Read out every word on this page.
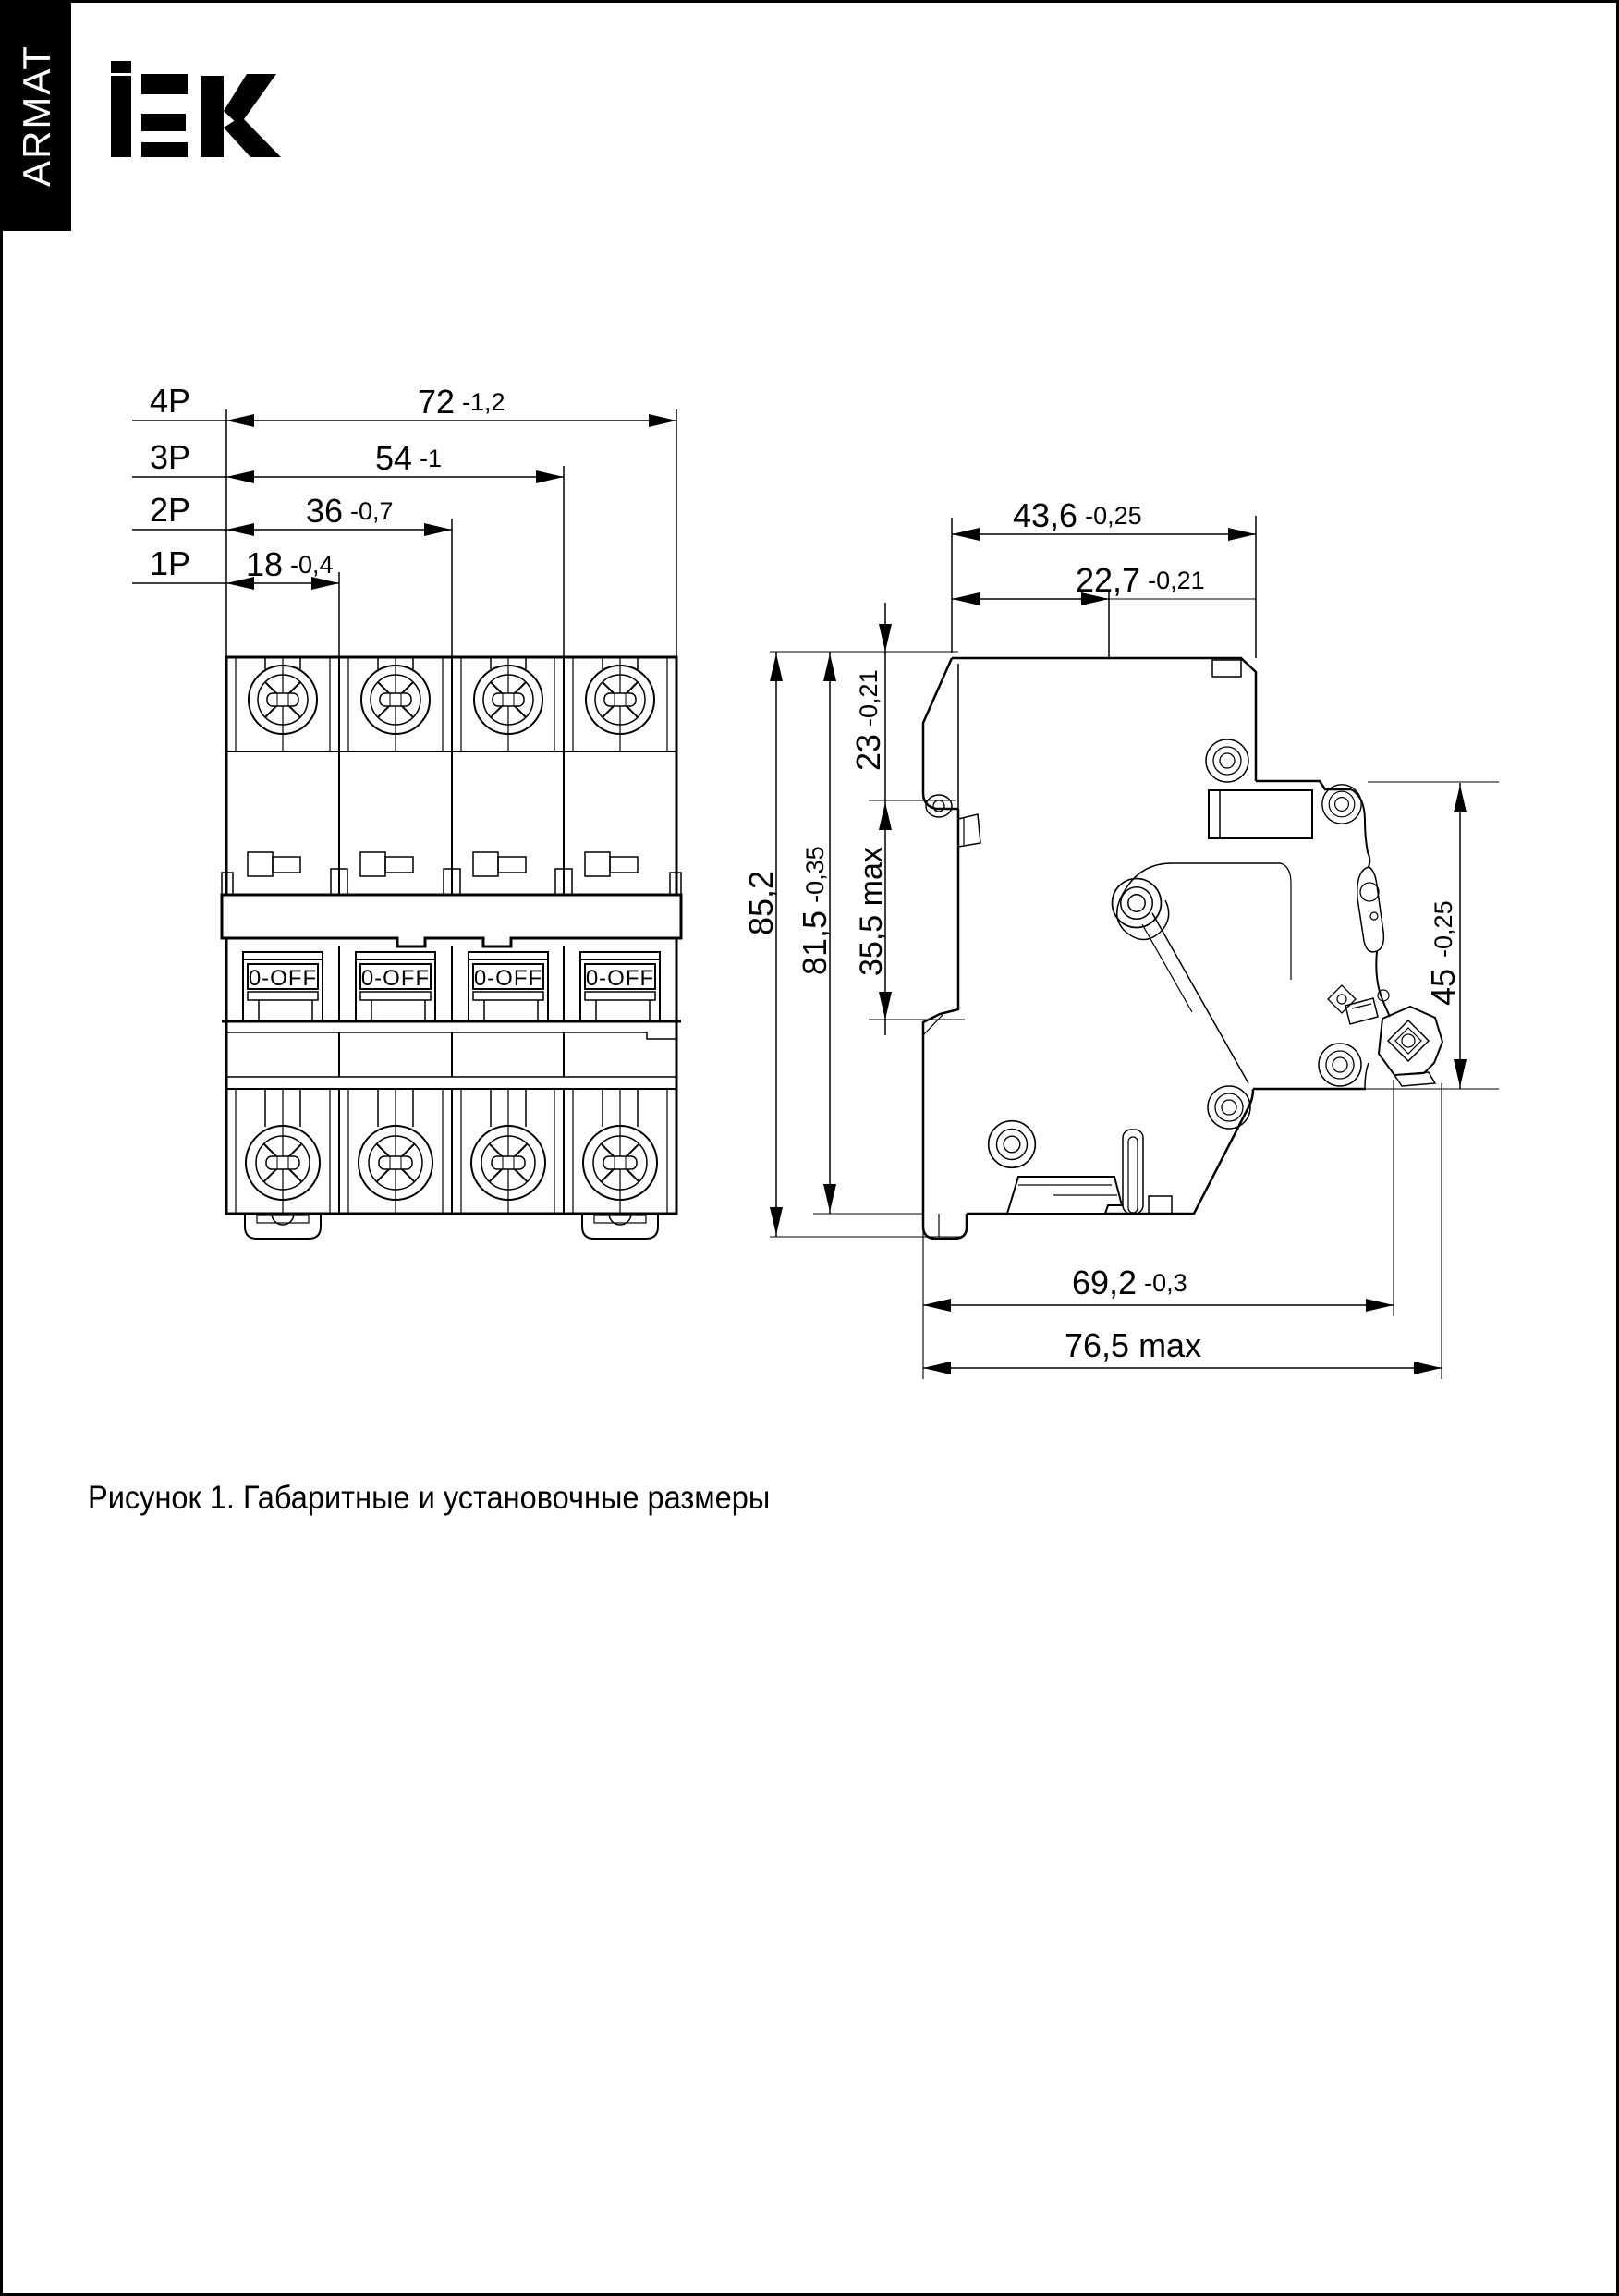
ARMAT
4P
3P
2P
1P
72 -1,2
54 -1
36 -0,7
18 -0,4
0-OFF 0-OFF 0-OFF 0-OFF
43,6 -0,25
22,7 -0,21
23-0,21
85,2
81,5-0,35 35,5 max
45-0,25
69,2 -0,3
76,5 max
Рисунок 1. Габаритные и установочные размеры
